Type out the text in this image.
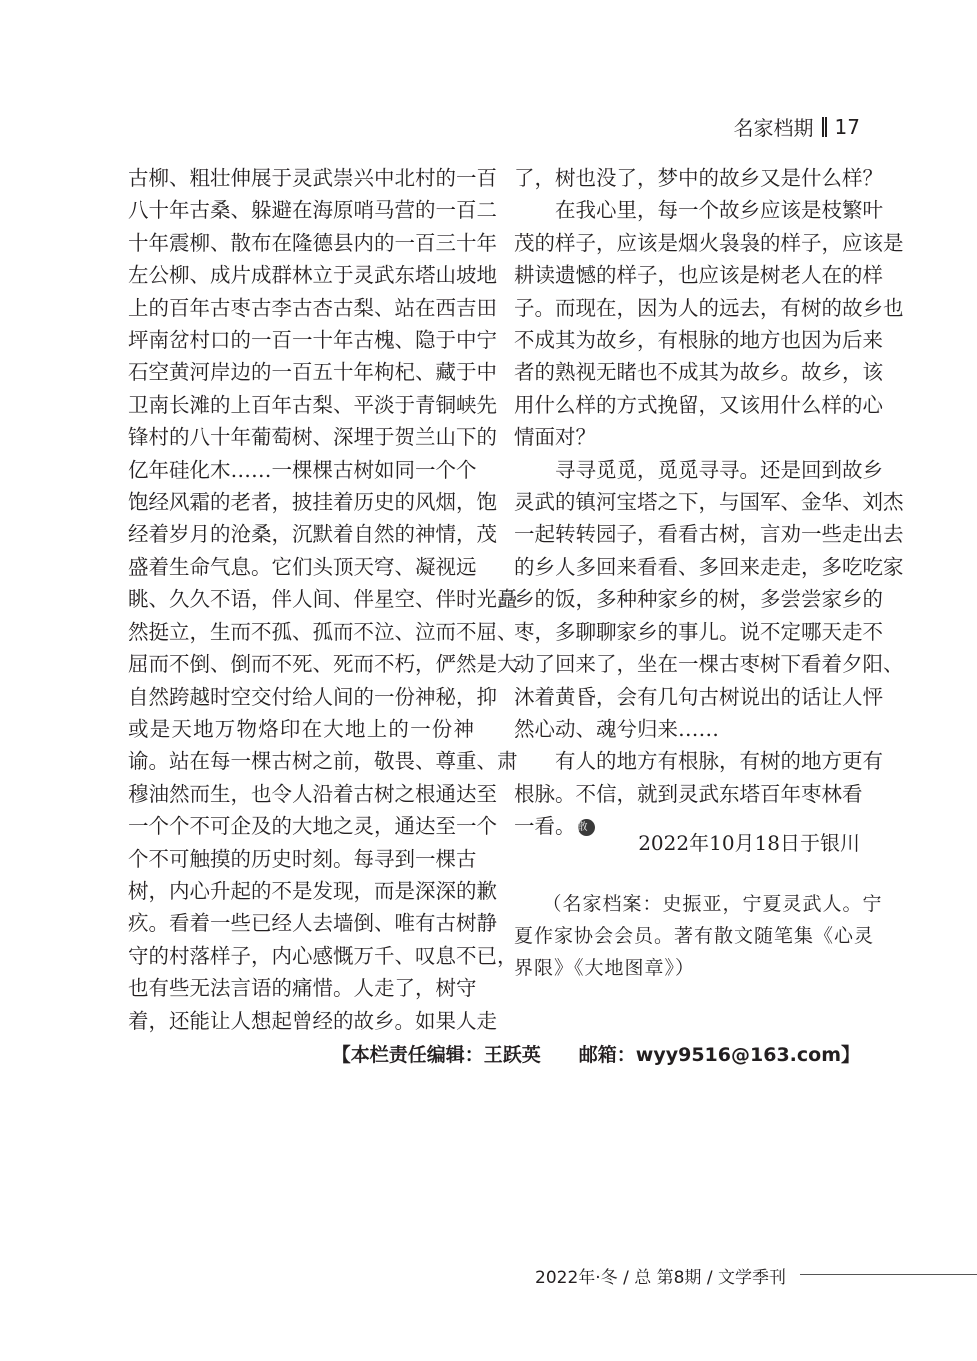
名家档期 17

古柳、粗壮伸展于灵武崇兴中北村的一百
八十年古桑、躲避在海原哨马营的一百二
十年震柳、散布在隆德县内的一百三十年
左公柳、成片成群林立于灵武东塔山坡地
上的百年古枣古李古杏古梨、站在西吉田
坪南岔村口的一百一十年古槐、隐于中宁
石空黄河岸边的一百五十年枸杞、藏于中
卫南长滩的上百年古梨、平淡于青铜峡先
锋村的八十年葡萄树、深埋于贺兰山下的
亿年硅化木……一棵棵古树如同一个个
饱经风霜的老者，披挂着历史的风烟，饱
经着岁月的沧桑，沉默着自然的神情，茂
盛着生命气息。它们头顶天穹、凝视远
眺、久久不语，伴人间、伴星空、伴时光矗
然挺立，生而不孤、孤而不泣、泣而不屈、
屈而不倒、倒而不死、死而不朽，俨然是大
自然跨越时空交付给人间的一份神秘，抑
或是天地万物烙印在大地上的一份神
谕。站在每一棵古树之前，敬畏、尊重、肃
穆油然而生，也令人沿着古树之根通达至
一个个不可企及的大地之灵，通达至一个
个不可触摸的历史时刻。每寻到一棵古
树，内心升起的不是发现，而是深深的歉
疚。看着一些已经人去墙倒、唯有古树静
守的村落样子，内心感慨万千、叹息不已，
也有些无法言语的痛惜。人走了，树守
着，还能让人想起曾经的故乡。如果人走

了，树也没了，梦中的故乡又是什么样？

在我心里，每一个故乡应该是枝繁叶
茂的样子，应该是烟火袅袅的样子，应该是
耕读遗憾的样子，也应该是树老人在的样
子。而现在，因为人的远去，有树的故乡也
不成其为故乡，有根脉的地方也因为后来
者的熟视无睹也不成其为故乡。故乡，该
用什么样的方式挽留，又该用什么样的心
情面对？

寻寻觅觅，觅觅寻寻。还是回到故乡
灵武的镇河宝塔之下，与国军、金华、刘杰
一起转转园子，看看古树，言劝一些走出去
的乡人多回来看看、多回来走走，多吃吃家
乡的饭，多种种家乡的树，多尝尝家乡的
枣，多聊聊家乡的事儿。说不定哪天走不
动了回来了，坐在一棵古枣树下看着夕阳、
沐着黄昏，会有几句古树说出的话让人怦
然心动、魂兮归来……

有人的地方有根脉，有树的地方更有
根脉。不信，就到灵武东塔百年枣林看
一看。 散

2022年10月18日于银川
（名家档案：史振亚，宁夏灵武人。宁
夏作家协会会员。著有散文随笔集《心灵
界限》《大地图章》）
【本栏责任编辑：王跃英 邮箱：wyy9516@163.com】
2022年·冬 / 总 第8期 / 文学季刊
